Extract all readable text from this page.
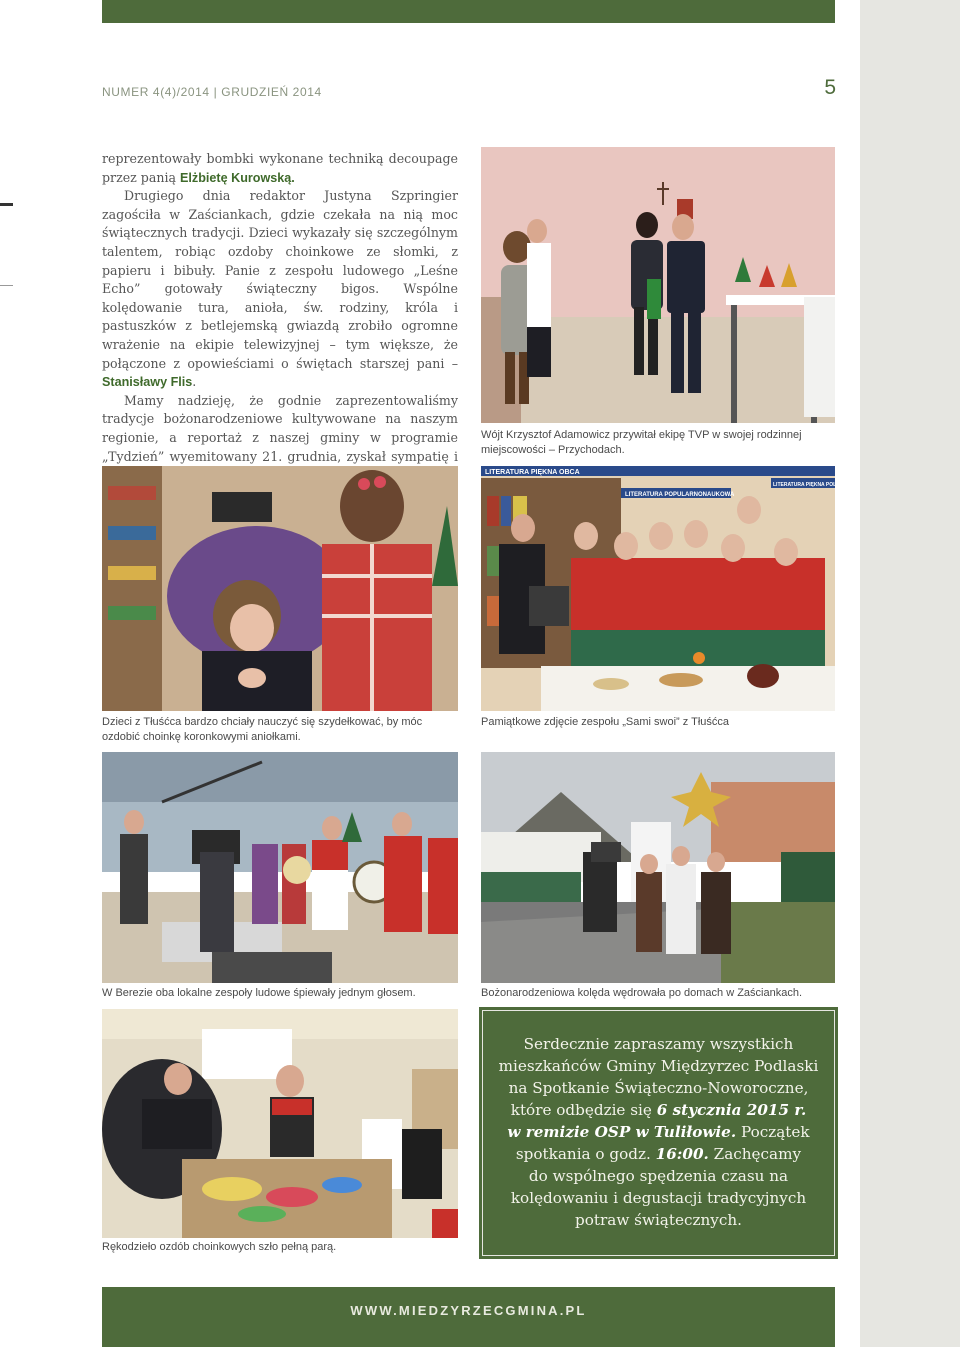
NUMER 4(4)/2014 | GRUDZIEŃ 2014	5

reprezentowały bombki wykonane techniką decoupage przez panią Elżbietę Kurowską.

Drugiego dnia redaktor Justyna Szpringier zagościła w Zaściankach, gdzie czekała na nią moc świątecznych tradycji. Dzieci wykazały się szczególnym talentem, robiąc ozdoby choinkowe ze słomki, z papieru i bibuły. Panie z zespołu ludowego „Leśne Echo” gotowały świąteczny bigos. Wspólne kolędowanie tura, anioła, św. rodziny, króla i pastuszków z betlejemską gwiazdą zrobiło ogromne wrażenie na ekipie telewizyjnej – tym większe, że połączone z opowieściami o świętach starszej pani – Stanisławy Flis.

Mamy nadzieję, że godnie zaprezentowaliśmy tradycje bożonarodzeniowe kultywowane na naszym regionie, a reportaż z naszej gminy w programie „Tydzień” wyemitowany 21. grudnia, zyskał sympatię i

Wójt Krzysztof Adamowicz przywitał ekipę TVP w swojej rodzinnej miejscowości – Przychodach.
Dzieci z Tłuśćca bardzo chciały nauczyć się szydełkować, by móc ozdobić choinkę koronkowymi aniołkami.
LITERATURA PIĘKNA OBCA
LITERATURA POPULARNONAUKOWA
LITERATURA PIĘKNA POLSKA
Pamiątkowe zdjęcie zespołu „Sami swoi” z Tłuśćca
W Berezie oba lokalne zespoły ludowe śpiewały jednym głosem.	Bożonarodzeniowa kolęda wędrowała po domach w Zaściankach.
Rękodzieło ozdób choinkowych szło pełną parą.
Serdecznie zapraszamy wszystkich
mieszkańców Gminy Międzyrzec Podlaski
na Spotkanie Świąteczno-Noworoczne,
które odbędzie się 6 stycznia 2015 r.
w remizie OSP w Tuliłowie. Początek
spotkania o godz. 16:00. Zachęcamy
do wspólnego spędzenia czasu na
kolędowaniu i degustacji tradycyjnych
potraw świątecznych.
WWW.MIEDZYRZECGMINA.PL
